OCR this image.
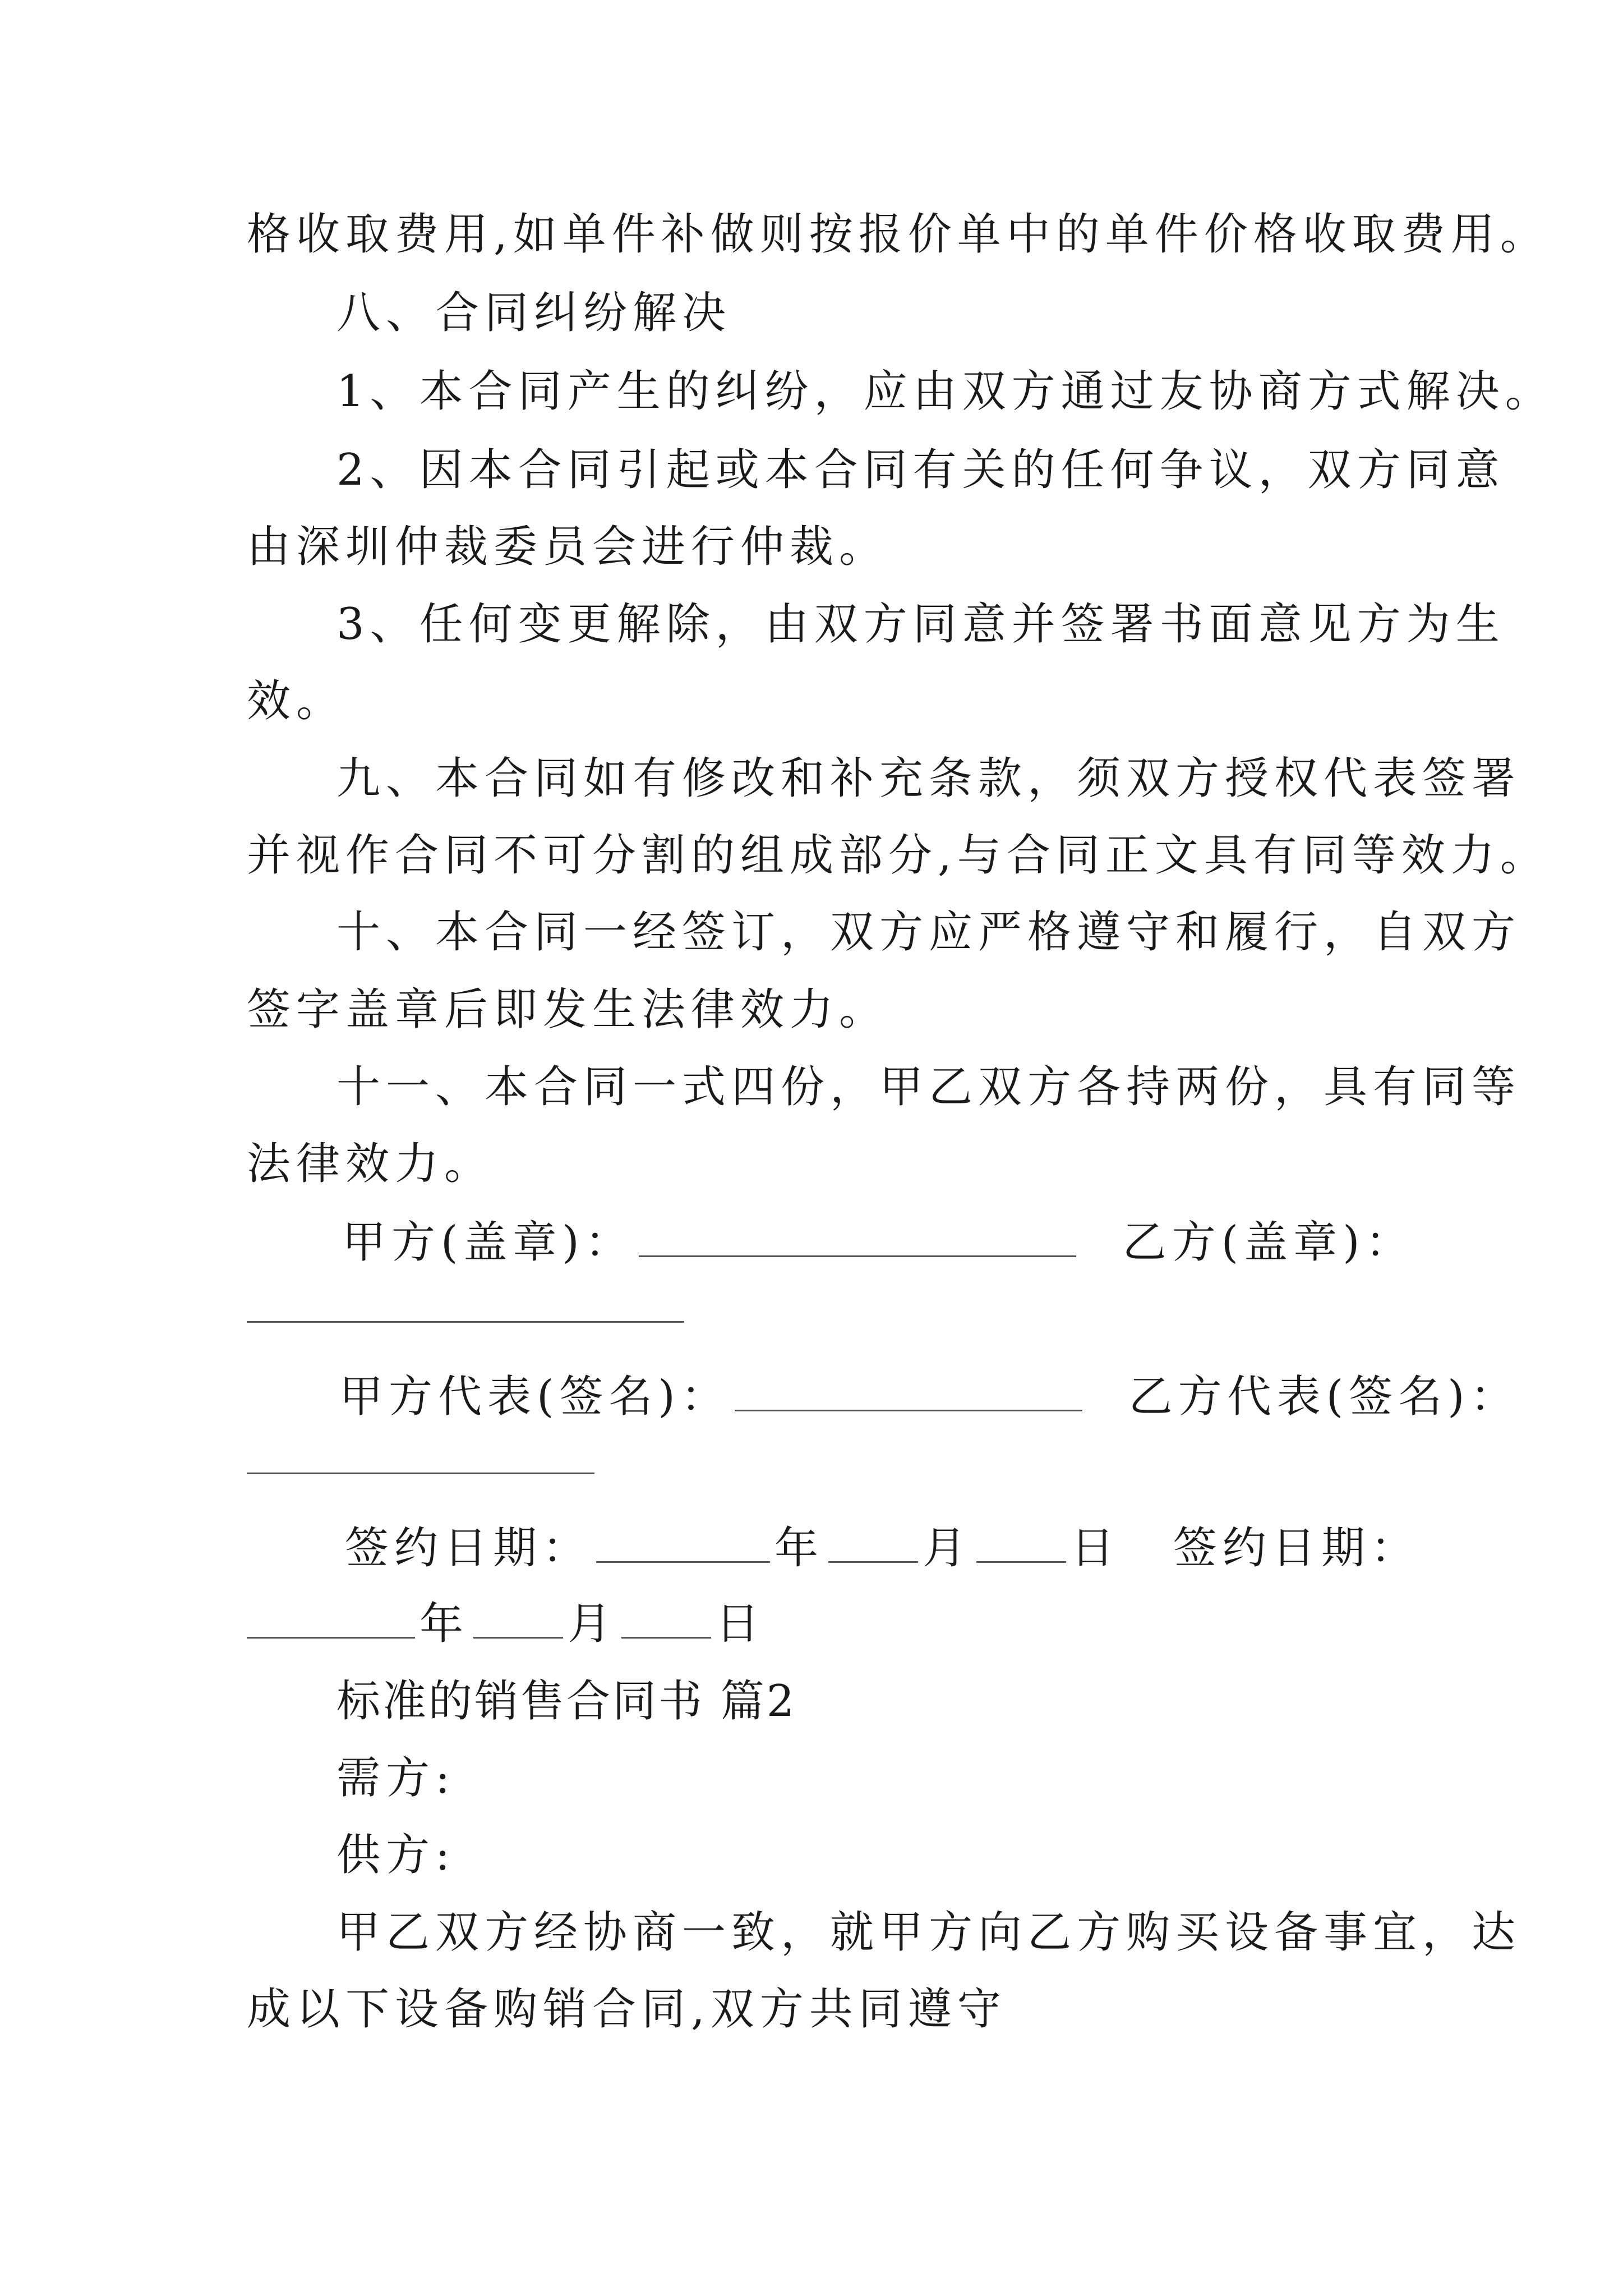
格收取费用,如单件补做则按报价单中的单件价格收取费用。
八、合同纠纷解决
1、本合同产生的纠纷，应由双方通过友协商方式解决。
2、因本合同引起或本合同有关的任何争议，双方同意
由深圳仲裁委员会进行仲裁。
3、任何变更解除，由双方同意并签署书面意见方为生
效。
九、本合同如有修改和补充条款，须双方授权代表签署
并视作合同不可分割的组成部分,与合同正文具有同等效力。
十、本合同一经签订，双方应严格遵守和履行，自双方
签字盖章后即发生法律效力。
十一、本合同一式四份，甲乙双方各持两份，具有同等
法律效力。
甲方(盖章)：	乙方(盖章)：
甲方代表(签名)：	乙方代表(签名)：
签约日期：	年 月 日 签约日期：
年 月 日
标准的销售合同书 篇2
需方:
供方:
甲乙双方经协商一致，就甲方向乙方购买设备事宜，达
成以下设备购销合同,双方共同遵守
